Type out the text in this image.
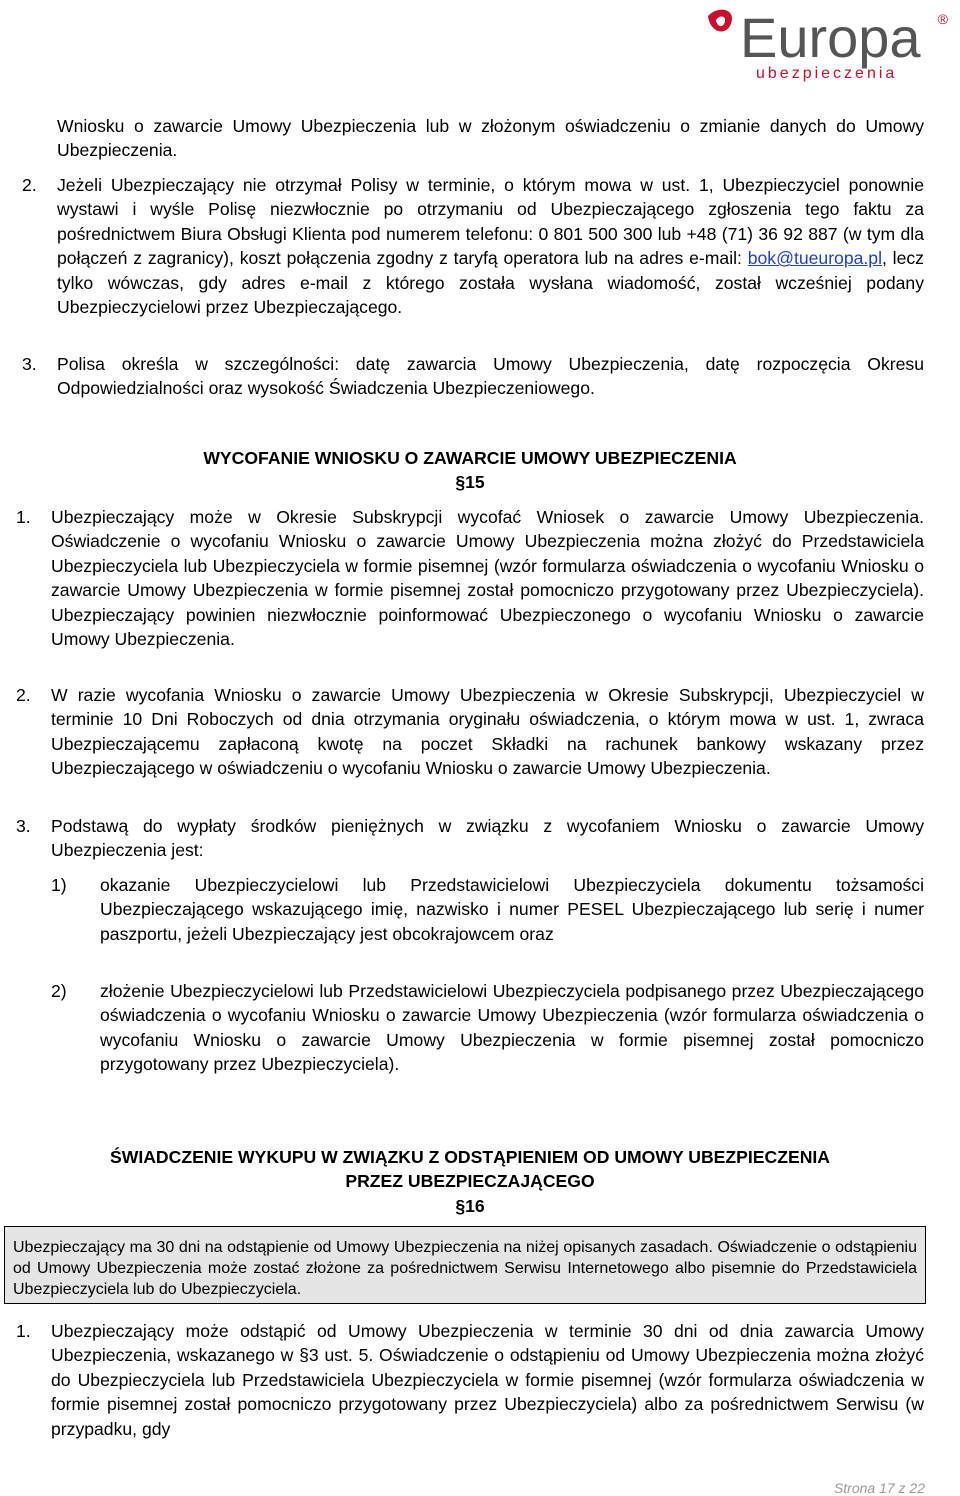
Europa ®
ubezpieczenia

Wniosku o zawarcie Umowy Ubezpieczenia lub w złożonym oświadczeniu o zmianie danych do Umowy Ubezpieczenia.

2. Jeżeli Ubezpieczający nie otrzymał Polisy w terminie, o którym mowa w ust. 1, Ubezpieczyciel ponownie wystawi i wyśle Polisę niezwłocznie po otrzymaniu od Ubezpieczającego zgłoszenia tego faktu za pośrednictwem Biura Obsługi Klienta pod numerem telefonu: 0 801 500 300 lub +48 (71) 36 92 887 (w tym dla połączeń z zagranicy), koszt połączenia zgodny z taryfą operatora lub na adres e-mail: bok@tueuropa.pl, lecz tylko wówczas, gdy adres e-mail z którego została wysłana wiadomość, został wcześniej podany Ubezpieczycielowi przez Ubezpieczającego.
3. Polisa określa w szczególności: datę zawarcia Umowy Ubezpieczenia, datę rozpoczęcia Okresu Odpowiedzialności oraz wysokość Świadczenia Ubezpieczeniowego.

WYCOFANIE WNIOSKU O ZAWARCIE UMOWY UBEZPIECZENIA

§15

1. Ubezpieczający może w Okresie Subskrypcji wycofać Wniosek o zawarcie Umowy Ubezpieczenia. Oświadczenie o wycofaniu Wniosku o zawarcie Umowy Ubezpieczenia można złożyć do Przedstawiciela Ubezpieczyciela lub Ubezpieczyciela w formie pisemnej (wzór formularza oświadczenia o wycofaniu Wniosku o zawarcie Umowy Ubezpieczenia w formie pisemnej został pomocniczo przygotowany przez Ubezpieczyciela). Ubezpieczający powinien niezwłocznie poinformować Ubezpieczonego o wycofaniu Wniosku o zawarcie Umowy Ubezpieczenia.
2. W razie wycofania Wniosku o zawarcie Umowy Ubezpieczenia w Okresie Subskrypcji, Ubezpieczyciel w terminie 10 Dni Roboczych od dnia otrzymania oryginału oświadczenia, o którym mowa w ust. 1, zwraca Ubezpieczającemu zapłaconą kwotę na poczet Składki na rachunek bankowy wskazany przez Ubezpieczającego w oświadczeniu o wycofaniu Wniosku o zawarcie Umowy Ubezpieczenia.
3. Podstawą do wypłaty środków pieniężnych w związku z wycofaniem Wniosku o zawarcie Umowy Ubezpieczenia jest:
1) okazanie Ubezpieczycielowi lub Przedstawicielowi Ubezpieczyciela dokumentu tożsamości Ubezpieczającego wskazującego imię, nazwisko i numer PESEL Ubezpieczającego lub serię i numer paszportu, jeżeli Ubezpieczający jest obcokrajowcem oraz
2) złożenie Ubezpieczycielowi lub Przedstawicielowi Ubezpieczyciela podpisanego przez Ubezpieczającego oświadczenia o wycofaniu Wniosku o zawarcie Umowy Ubezpieczenia (wzór formularza oświadczenia o wycofaniu Wniosku o zawarcie Umowy Ubezpieczenia w formie pisemnej został pomocniczo przygotowany przez Ubezpieczyciela).

ŚWIADCZENIE WYKUPU W ZWIĄZKU Z ODSTĄPIENIEM OD UMOWY UBEZPIECZENIA

PRZEZ UBEZPIECZAJĄCEGO

§16

Ubezpieczający ma 30 dni na odstąpienie od Umowy Ubezpieczenia na niżej opisanych zasadach. Oświadczenie o odstąpieniu od Umowy Ubezpieczenia może zostać złożone za pośrednictwem Serwisu Internetowego albo pisemnie do Przedstawiciela Ubezpieczyciela lub do Ubezpieczyciela.
1. Ubezpieczający może odstąpić od Umowy Ubezpieczenia w terminie 30 dni od dnia zawarcia Umowy Ubezpieczenia, wskazanego w §3 ust. 5. Oświadczenie o odstąpieniu od Umowy Ubezpieczenia można złożyć do Ubezpieczyciela lub Przedstawiciela Ubezpieczyciela w formie pisemnej (wzór formularza oświadczenia w formie pisemnej został pomocniczo przygotowany przez Ubezpieczyciela) albo za pośrednictwem Serwisu (w przypadku, gdy
Strona 17 z 22
